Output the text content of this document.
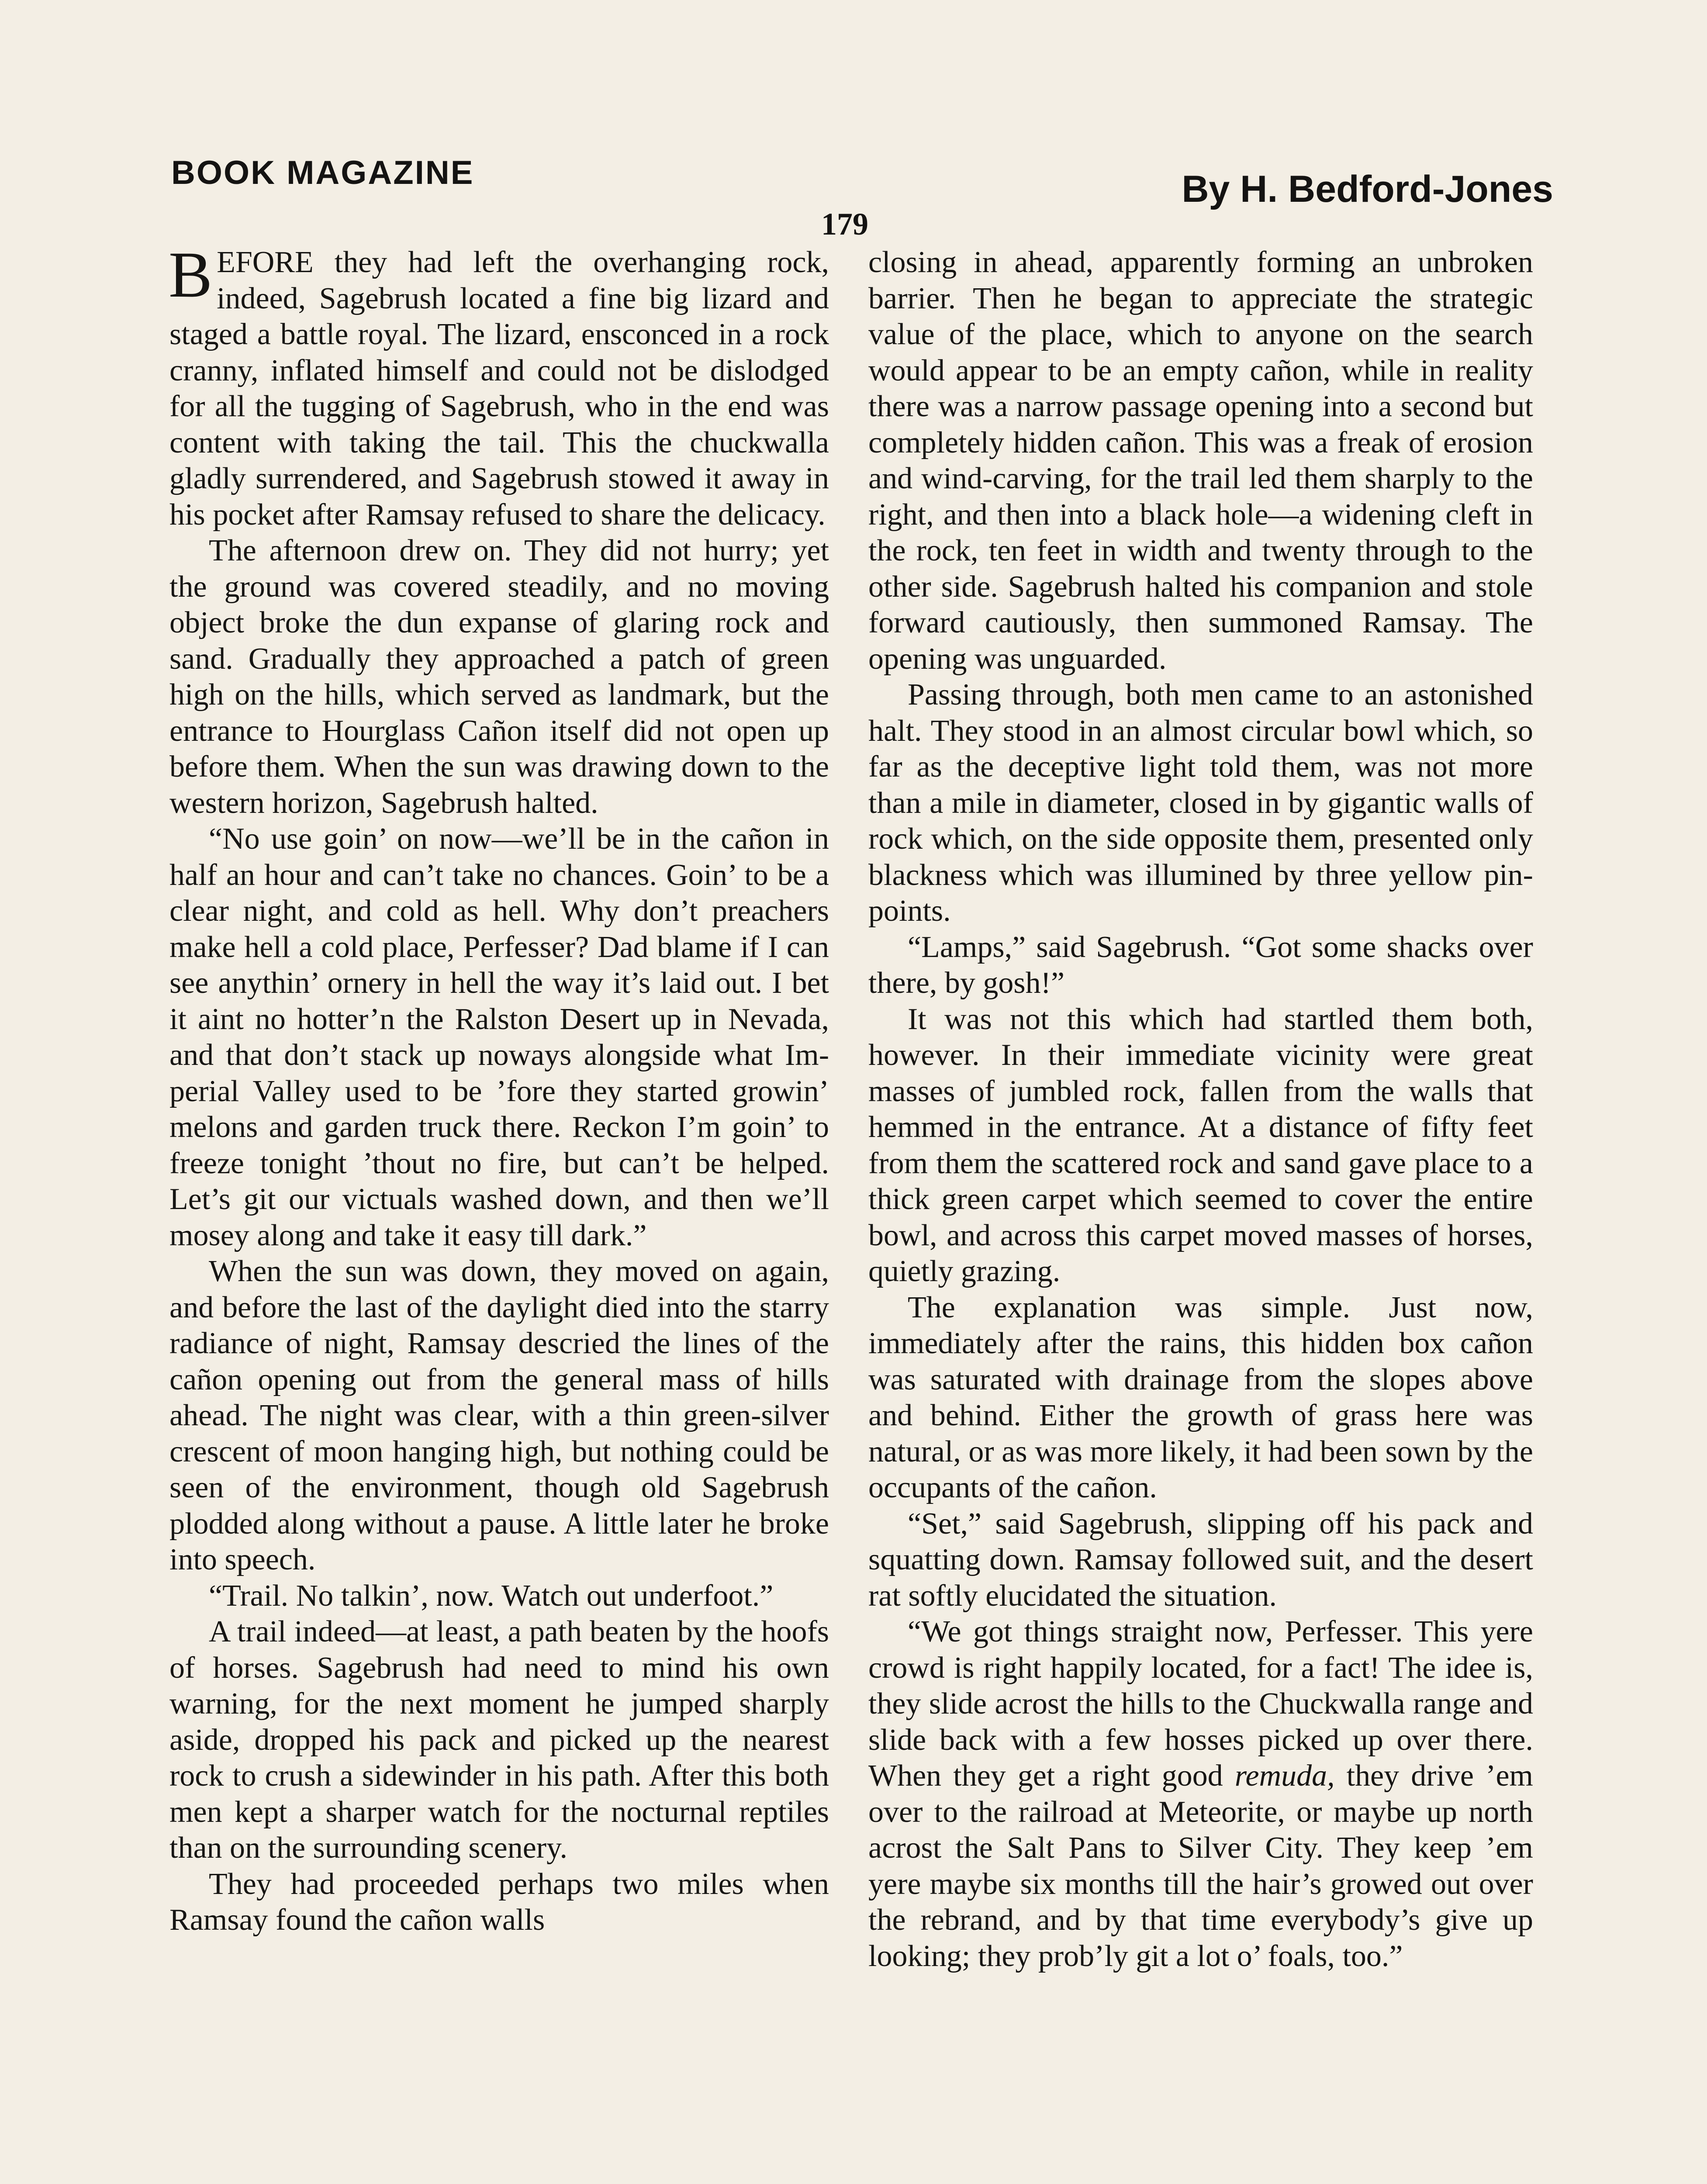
BOOK MAGAZINE	By H. Bedford-Jones
179

BEFORE they had left the overhanging rock, indeed, Sagebrush located a fine big lizard and staged a battle royal. The lizard, ensconced in a rock cranny, inflated himself and could not be dislodged for all the tugging of Sagebrush, who in the end was content with taking the tail. This the chuckwalla gladly surrendered, and Sagebrush stowed it away in his pocket after Ramsay refused to share the delicacy.

The afternoon drew on. They did not hurry; yet the ground was covered steadily, and no moving object broke the dun expanse of glaring rock and sand. Gradually they approached a patch of green high on the hills, which served as landmark, but the entrance to Hourglass Cañon itself did not open up before them. When the sun was drawing down to the western horizon, Sagebrush halted.

“No use goin’ on now—we’ll be in the cañon in half an hour and can’t take no chances. Goin’ to be a clear night, and cold as hell. Why don’t preachers make hell a cold place, Perfesser? Dad blame if I can see anythin’ ornery in hell the way it’s laid out. I bet it aint no hotter’n the Ralston Desert up in Nevada, and that don’t stack up noways alongside what Imperial Valley used to be ’fore they started growin’ melons and garden truck there. Reckon I’m goin’ to freeze tonight ’thout no fire, but can’t be helped. Let’s git our victuals washed down, and then we’ll mosey along and take it easy till dark.”

When the sun was down, they moved on again, and before the last of the daylight died into the starry radiance of night, Ramsay descried the lines of the cañon opening out from the general mass of hills ahead. The night was clear, with a thin green-silver crescent of moon hanging high, but nothing could be seen of the environment, though old Sagebrush plodded along without a pause. A little later he broke into speech.

“Trail. No talkin’, now. Watch out underfoot.”

A trail indeed—at least, a path beaten by the hoofs of horses. Sagebrush had need to mind his own warning, for the next moment he jumped sharply aside, dropped his pack and picked up the nearest rock to crush a sidewinder in his path. After this both men kept a sharper watch for the nocturnal reptiles than on the surrounding scenery.

They had proceeded perhaps two miles when Ramsay found the cañon walls

closing in ahead, apparently forming an unbroken barrier. Then he began to appreciate the strategic value of the place, which to anyone on the search would appear to be an empty cañon, while in reality there was a narrow passage opening into a second but completely hidden cañon. This was a freak of erosion and wind-carving, for the trail led them sharply to the right, and then into a black hole—a widening cleft in the rock, ten feet in width and twenty through to the other side. Sagebrush halted his companion and stole forward cautiously, then summoned Ramsay. The opening was unguarded.

Passing through, both men came to an astonished halt. They stood in an almost circular bowl which, so far as the deceptive light told them, was not more than a mile in diameter, closed in by gigantic walls of rock which, on the side opposite them, presented only blackness which was illumined by three yellow pin-points.

“Lamps,” said Sagebrush. “Got some shacks over there, by gosh!”

It was not this which had startled them both, however. In their immediate vicinity were great masses of jumbled rock, fallen from the walls that hemmed in the entrance. At a distance of fifty feet from them the scattered rock and sand gave place to a thick green carpet which seemed to cover the entire bowl, and across this carpet moved masses of horses, quietly grazing.

The explanation was simple. Just now, immediately after the rains, this hidden box cañon was saturated with drainage from the slopes above and behind. Either the growth of grass here was natural, or as was more likely, it had been sown by the occupants of the cañon.

“Set,” said Sagebrush, slipping off his pack and squatting down. Ramsay followed suit, and the desert rat softly elucidated the situation.

“We got things straight now, Perfesser. This yere crowd is right happily located, for a fact! The idee is, they slide acrost the hills to the Chuckwalla range and slide back with a few hosses picked up over there. When they get a right good remuda, they drive ’em over to the railroad at Meteorite, or maybe up north acrost the Salt Pans to Silver City. They keep ’em yere maybe six months till the hair’s growed out over the rebrand, and by that time everybody’s give up looking; they prob’ly git a lot o’ foals, too.”
